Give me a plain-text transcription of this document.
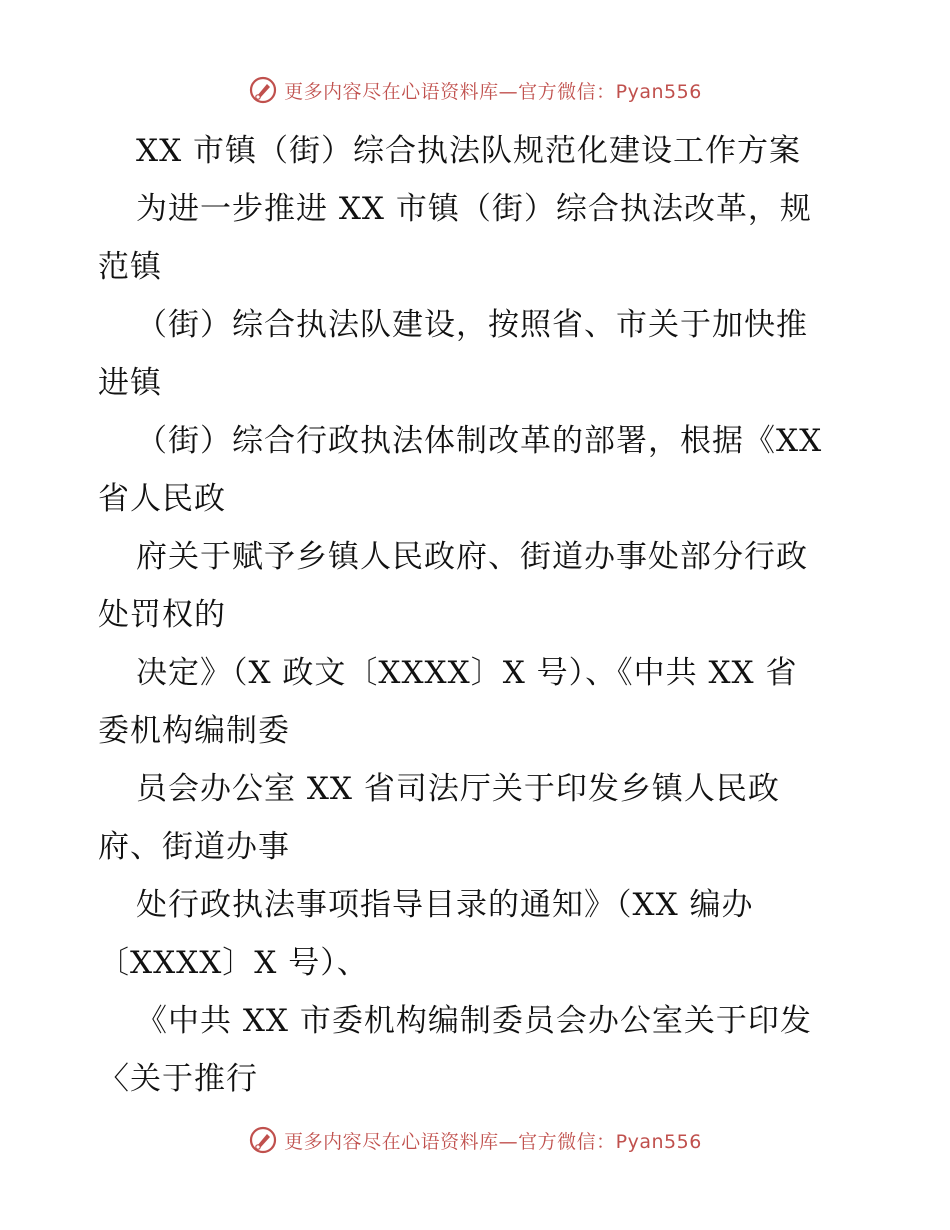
更多内容尽在心语资料库—官方微信：Pyan556
XX 市镇（街）综合执法队规范化建设工作方案
为进一步推进 XX 市镇（街）综合执法改革，规
范镇
（街）综合执法队建设，按照省、市关于加快推
进镇
（街）综合行政执法体制改革的部署，根据《XX
省人民政
府关于赋予乡镇人民政府、街道办事处部分行政
处罚权的
决定》（X 政文〔XXXX〕X 号）、《中共 XX 省
委机构编制委
员会办公室 XX 省司法厅关于印发乡镇人民政
府、街道办事
处行政执法事项指导目录的通知》（XX 编办
〔XXXX〕X 号）、
《中共 XX 市委机构编制委员会办公室关于印发
〈关于推行
更多内容尽在心语资料库—官方微信：Pyan556
